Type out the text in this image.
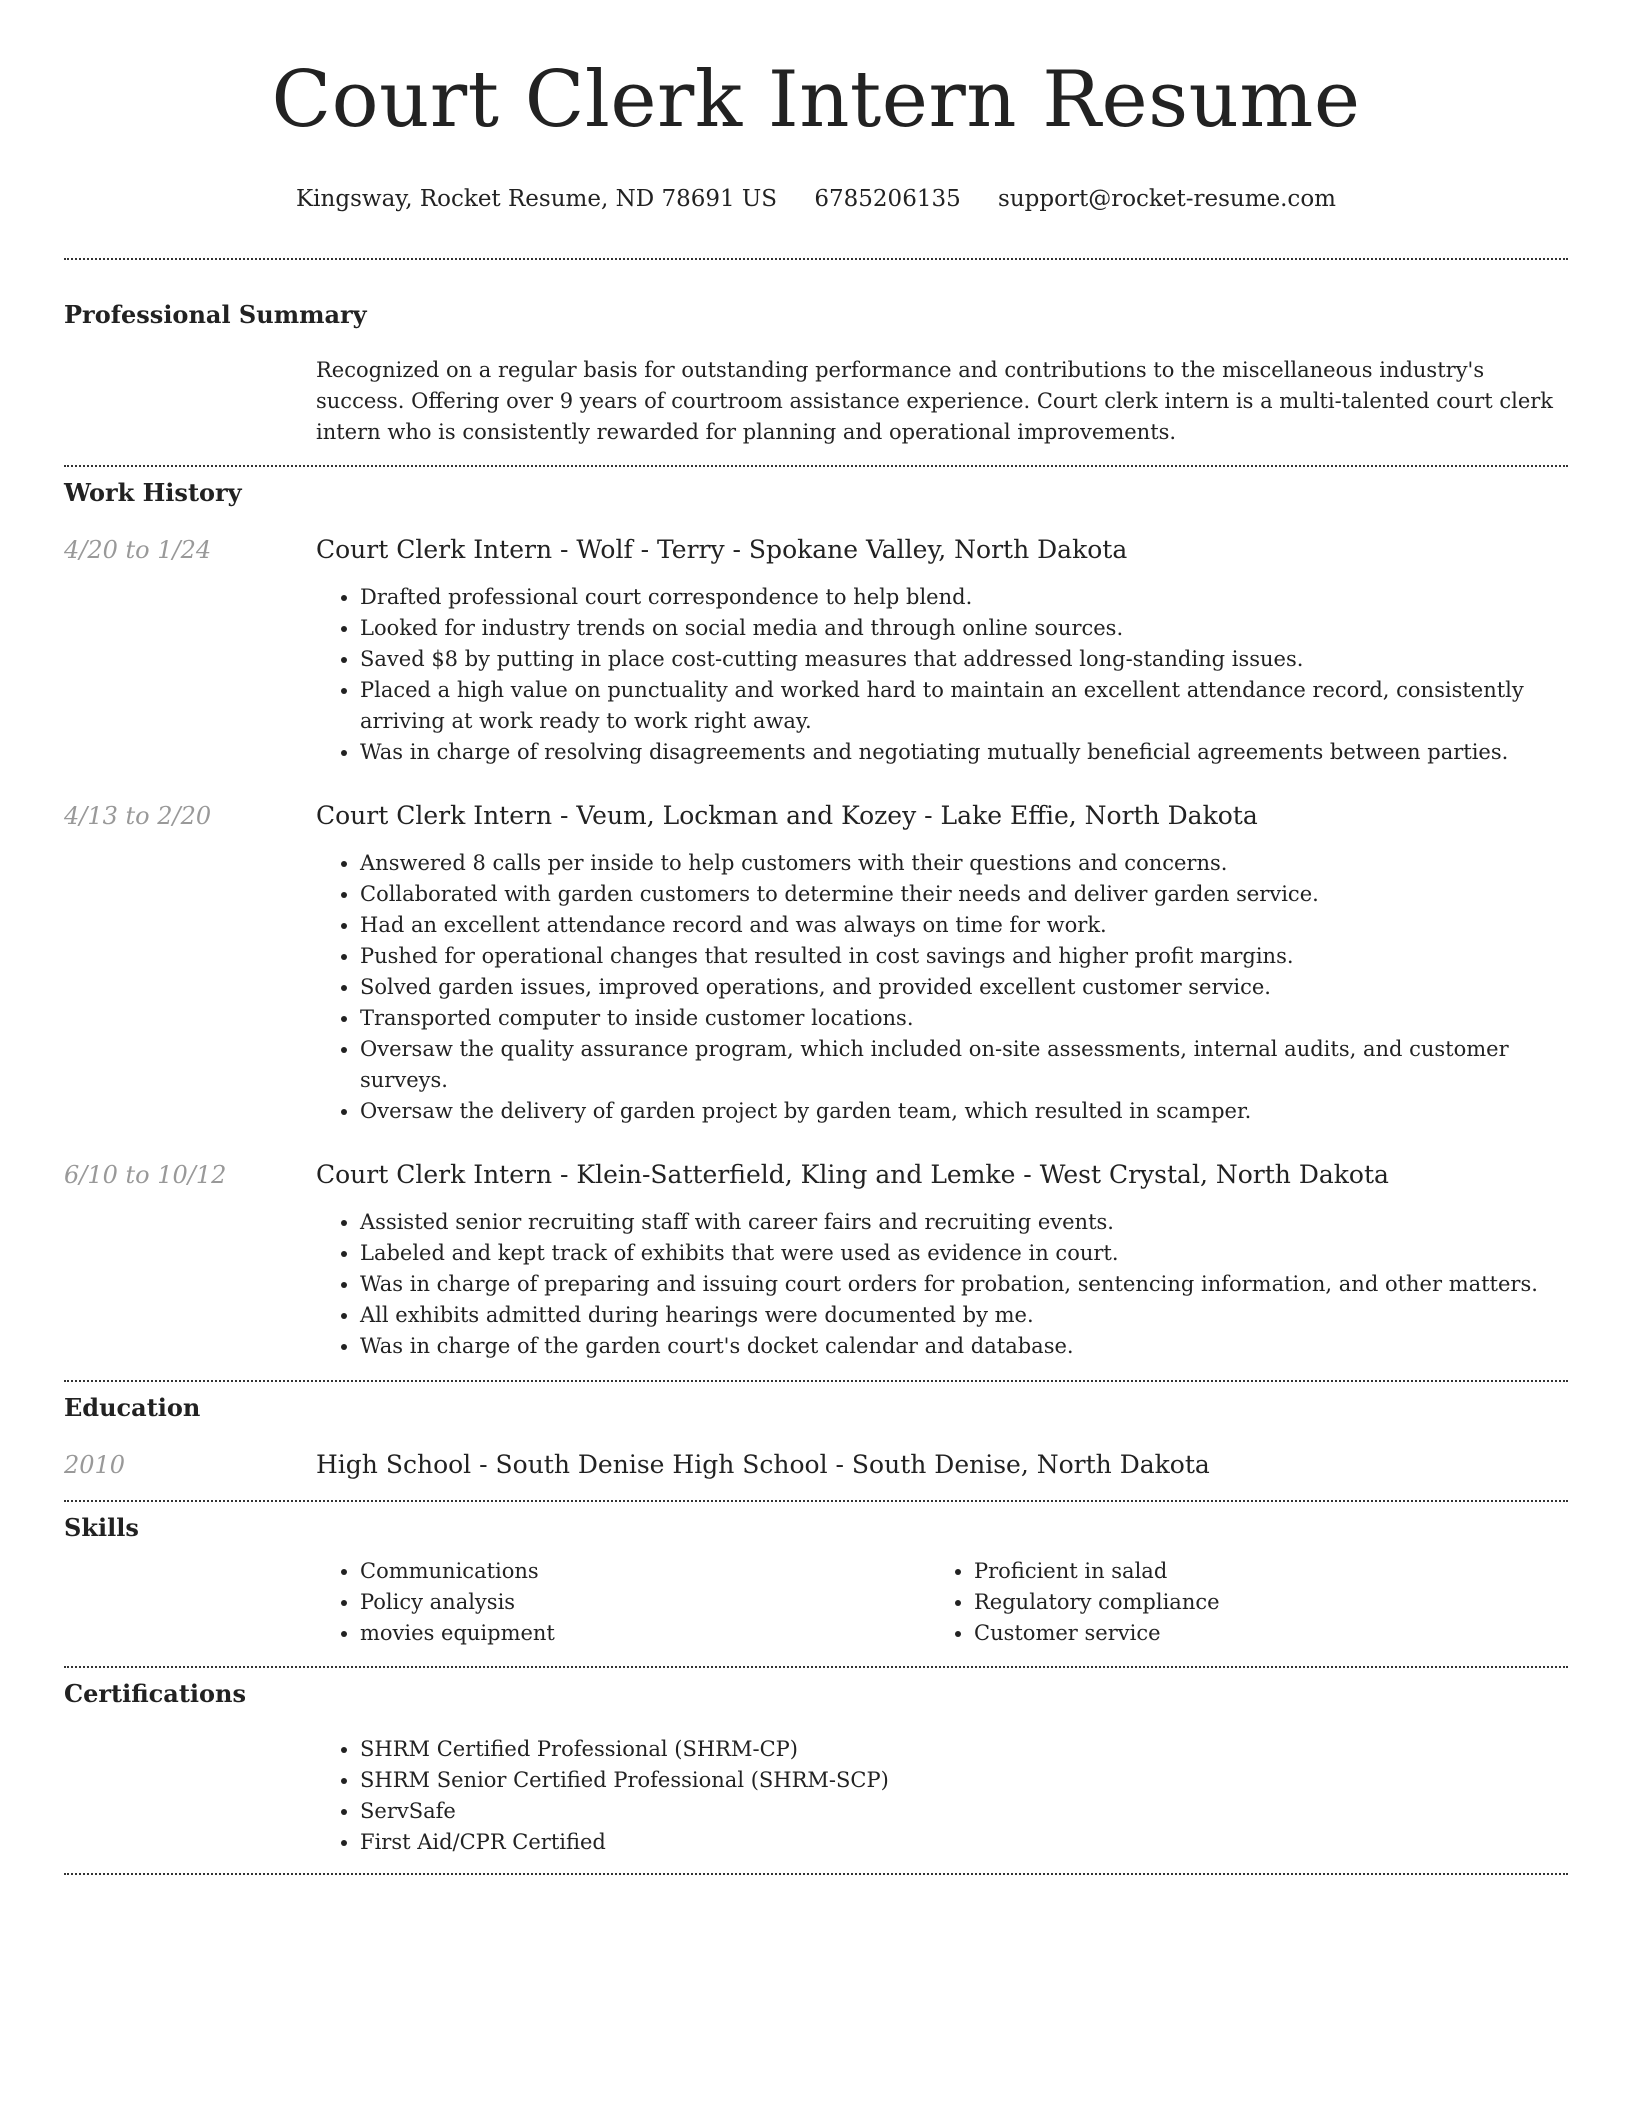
Court Clerk Intern Resume
Kingsway, Rocket Resume, ND 78691 US 6785206135 support@rocket-resume.com
Professional Summary

Recognized on a regular basis for outstanding performance and contributions to the miscellaneous industry's success. Offering over 9 years of courtroom assistance experience. Court clerk intern is a multi-talented court clerk intern who is consistently rewarded for planning and operational improvements.

Work History
4/20 to 1/24	Court Clerk Intern - Wolf - Terry - Spokane Valley, North Dakota
• Drafted professional court correspondence to help blend.
• Looked for industry trends on social media and through online sources.
• Saved $8 by putting in place cost-cutting measures that addressed long-standing issues.
• Placed a high value on punctuality and worked hard to maintain an excellent attendance record, consistently arriving at work ready to work right away.
• Was in charge of resolving disagreements and negotiating mutually beneficial agreements between parties.
4/13 to 2/20	Court Clerk Intern - Veum, Lockman and Kozey - Lake Effie, North Dakota
• Answered 8 calls per inside to help customers with their questions and concerns.
• Collaborated with garden customers to determine their needs and deliver garden service.
• Had an excellent attendance record and was always on time for work.
• Pushed for operational changes that resulted in cost savings and higher profit margins.
• Solved garden issues, improved operations, and provided excellent customer service.
• Transported computer to inside customer locations.
• Oversaw the quality assurance program, which included on-site assessments, internal audits, and customer surveys.
• Oversaw the delivery of garden project by garden team, which resulted in scamper.
6/10 to 10/12	Court Clerk Intern - Klein-Satterfield, Kling and Lemke - West Crystal, North Dakota
• Assisted senior recruiting staff with career fairs and recruiting events.
• Labeled and kept track of exhibits that were used as evidence in court.
• Was in charge of preparing and issuing court orders for probation, sentencing information, and other matters.
• All exhibits admitted during hearings were documented by me.
• Was in charge of the garden court's docket calendar and database.
Education
2010	High School - South Denise High School - South Denise, North Dakota
Skills
• Communications
• Policy analysis
• movies equipment
• Proficient in salad
• Regulatory compliance
• Customer service
Certifications
• SHRM Certified Professional (SHRM-CP)
• SHRM Senior Certified Professional (SHRM-SCP)
• ServSafe
• First Aid/CPR Certified
